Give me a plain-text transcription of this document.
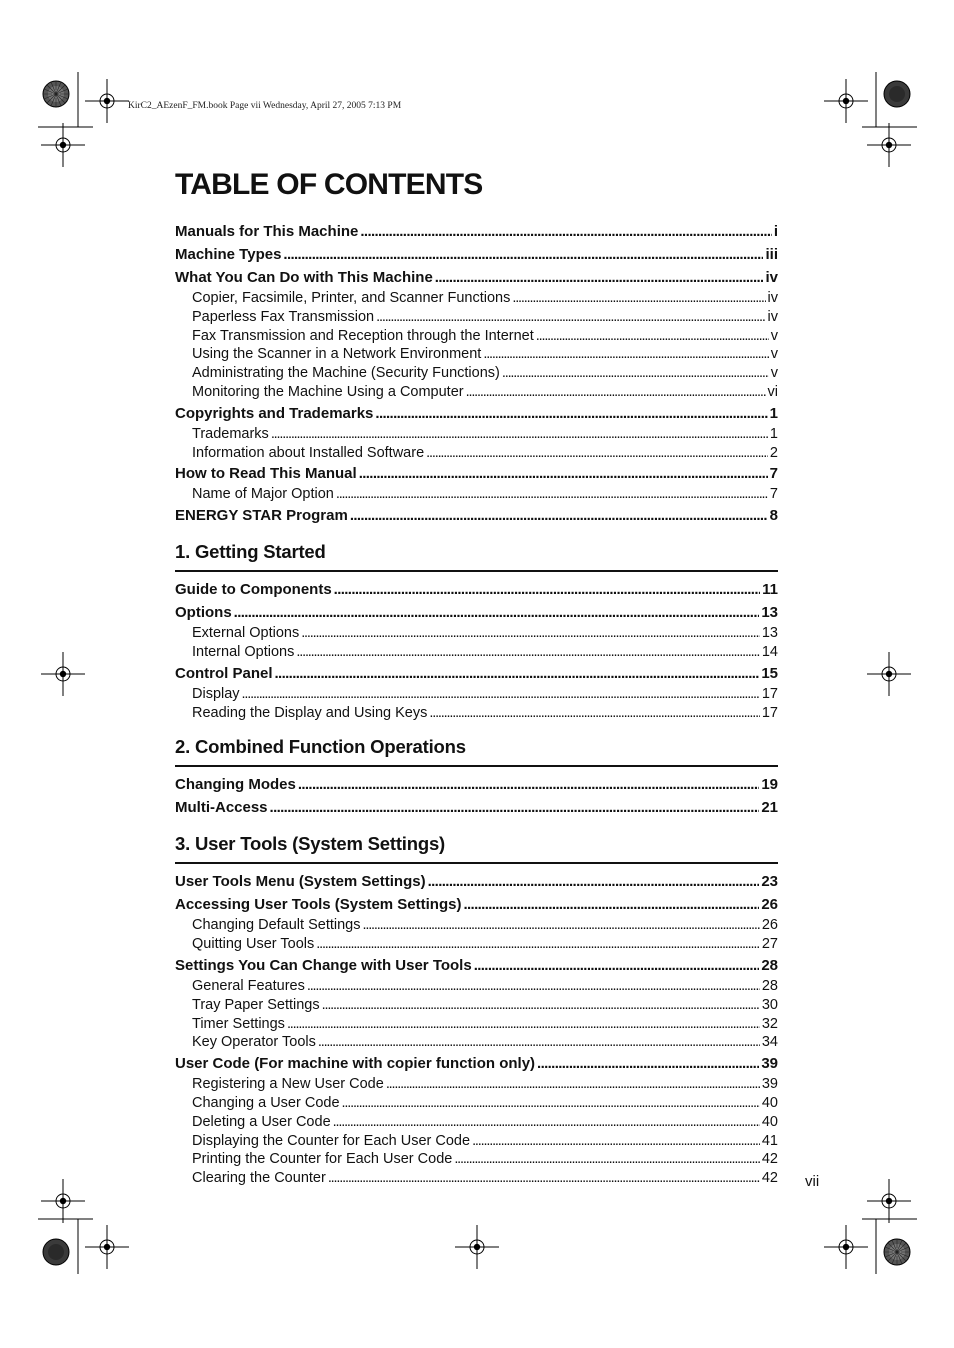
KirC2_AEzenF_FM.book Page vii Wednesday, April 27, 2005 7:13 PM
TABLE OF CONTENTS
Manuals for This Machine . . .	i
Machine Types . . .	iii
What You Can Do with This Machine . . .	iv
Copier, Facsimile, Printer, and Scanner Functions . . .	iv
Paperless Fax Transmission . . .	iv
Fax Transmission and Reception through the Internet . . .	v
Using the Scanner in a Network Environment . . .	v
Administrating the Machine (Security Functions) . . .	v
Monitoring the Machine Using a Computer . . .	vi
Copyrights and Trademarks . . .	1
Trademarks . . .	1
Information about Installed Software . . .	2
How to Read This Manual . . .	7
Name of Major Option . . .	7
ENERGY STAR Program . . .	8
1. Getting Started
Guide to Components . . .	11
Options . . .	13
External Options . . .	13
Internal Options . . .	14
Control Panel . . .	15
Display . . .	17
Reading the Display and Using Keys . . .	17
2. Combined Function Operations
Changing Modes . . .	19
Multi-Access . . .	21
3. User Tools (System Settings)
User Tools Menu (System Settings) . . .	23
Accessing User Tools (System Settings) . . .	26
Changing Default Settings . . .	26
Quitting User Tools . . .	27
Settings You Can Change with User Tools . . .	28
General Features . . .	28
Tray Paper Settings . . .	30
Timer Settings . . .	32
Key Operator Tools . . .	34
User Code (For machine with copier function only) . . .	39
Registering a New User Code . . .	39
Changing a User Code . . .	40
Deleting a User Code . . .	40
Displaying the Counter for Each User Code . . .	41
Printing the Counter for Each User Code . . .	42
Clearing the Counter . . .	42 vii
